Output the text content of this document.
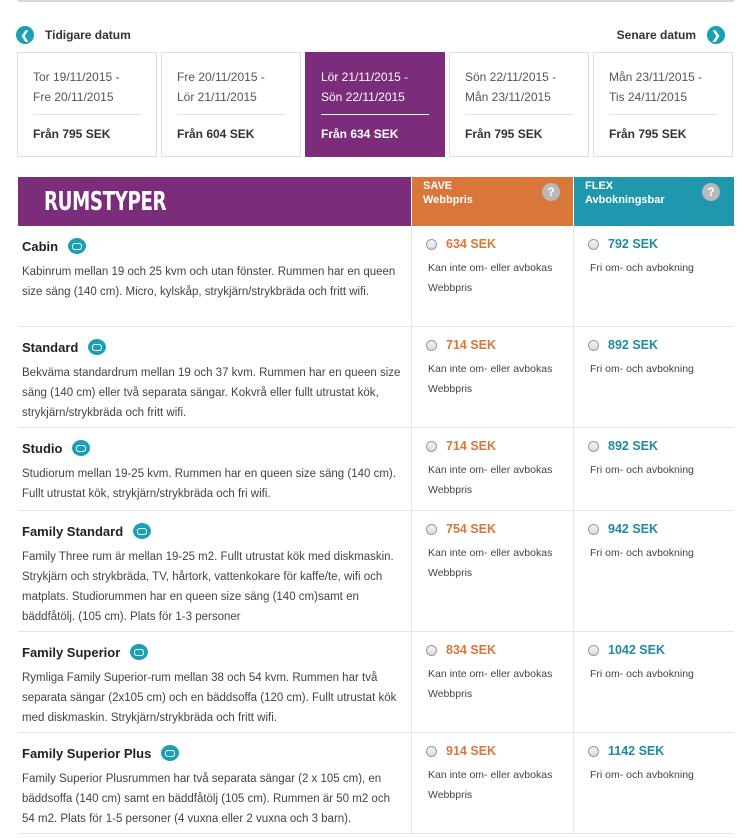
❮	Tidigare datum	Senare datum	❯
Tor 19/11/2015 -
Fre 20/11/2015
Från 795 SEK
Fre 20/11/2015 -
Lör 21/11/2015
Från 604 SEK
Lör 21/11/2015 -
Sön 22/11/2015
Från 634 SEK
Sön 22/11/2015 -
Mån 23/11/2015
Från 795 SEK
Mån 23/11/2015 -
Tis 24/11/2015
Från 795 SEK
RUMSTYPER
SAVE
Webbpris
?	FLEX
Avbokningsbar
?
Cabin
Kabinrum mellan 19 och 25 kvm och utan fönster. Rummen har en queen size säng (140 cm). Micro, kylskåp, strykjärn/strykbräda och fritt wifi.
634 SEK
Kan inte om- eller avbokas
Webbpris
792 SEK
Fri om- och avbokning
Standard
Bekväma standardrum mellan 19 och 37 kvm. Rummen har en queen size säng (140 cm) eller två separata sängar. Kokvrå eller fullt utrustat kök, strykjärn/strykbräda och fritt wifi.
714 SEK
Kan inte om- eller avbokas
Webbpris
892 SEK
Fri om- och avbokning
Studio
Studiorum mellan 19-25 kvm. Rummen har en queen size säng (140 cm). Fullt utrustat kök, strykjärn/strykbräda och fri wifi.
714 SEK
Kan inte om- eller avbokas
Webbpris
892 SEK
Fri om- och avbokning
Family Standard
Family Three rum är mellan 19-25 m2. Fullt utrustat kök med diskmaskin. Strykjärn och strykbräda, TV, hårtork, vattenkokare för kaffe/te, wifi och matplats. Studiorummen har en queen size säng (140 cm)samt en bäddfåtölj. (105 cm). Plats för 1-3 personer
754 SEK
Kan inte om- eller avbokas
Webbpris
942 SEK
Fri om- och avbokning
Family Superior
Rymliga Family Superior-rum mellan 38 och 54 kvm. Rummen har två separata sängar (2x105 cm) och en bäddsoffa (120 cm). Fullt utrustat kök med diskmaskin. Strykjärn/strykbräda och fritt wifi.
834 SEK
Kan inte om- eller avbokas
Webbpris
1042 SEK
Fri om- och avbokning
Family Superior Plus
Family Superior Plusrummen har två separata sängar (2 x 105 cm), en bäddsoffa (140 cm) samt en bäddfåtölj (105 cm). Rummen är 50 m2 och 54 m2. Plats för 1-5 personer (4 vuxna eller 2 vuxna och 3 barn).
914 SEK
Kan inte om- eller avbokas
Webbpris
1142 SEK
Fri om- och avbokning
